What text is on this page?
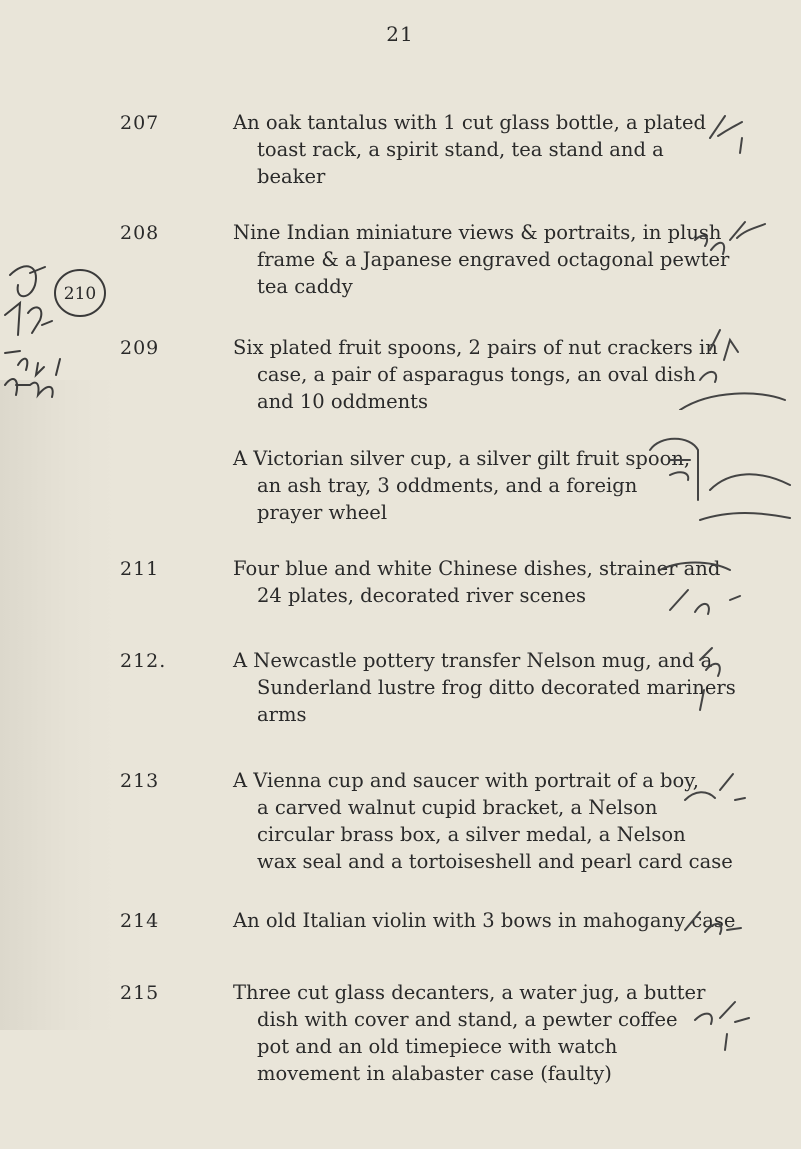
21
207	An oak tantalus with 1 cut glass bottle, a plated
toast rack, a spirit stand, tea stand and a
beaker
208	Nine Indian miniature views & portraits, in plush
frame & a Japanese engraved octagonal pewter
tea caddy
209	Six plated fruit spoons, 2 pairs of nut crackers in
case, a pair of asparagus tongs, an oval dish
and 10 oddments
A Victorian silver cup, a silver gilt fruit spoon,
an ash tray, 3 oddments, and a foreign
prayer wheel
211	Four blue and white Chinese dishes, strainer and
24 plates, decorated river scenes
212.	A Newcastle pottery transfer Nelson mug, and a
Sunderland lustre frog ditto decorated mariners
arms
213	A Vienna cup and saucer with portrait of a boy,
a carved walnut cupid bracket, a Nelson
circular brass box, a silver medal, a Nelson
wax seal and a tortoiseshell and pearl card case
214	An old Italian violin with 3 bows in mahogany case
215	Three cut glass decanters, a water jug, a butter
dish with cover and stand, a pewter coffee
pot and an old timepiece with watch
movement in alabaster case (faulty)
210
